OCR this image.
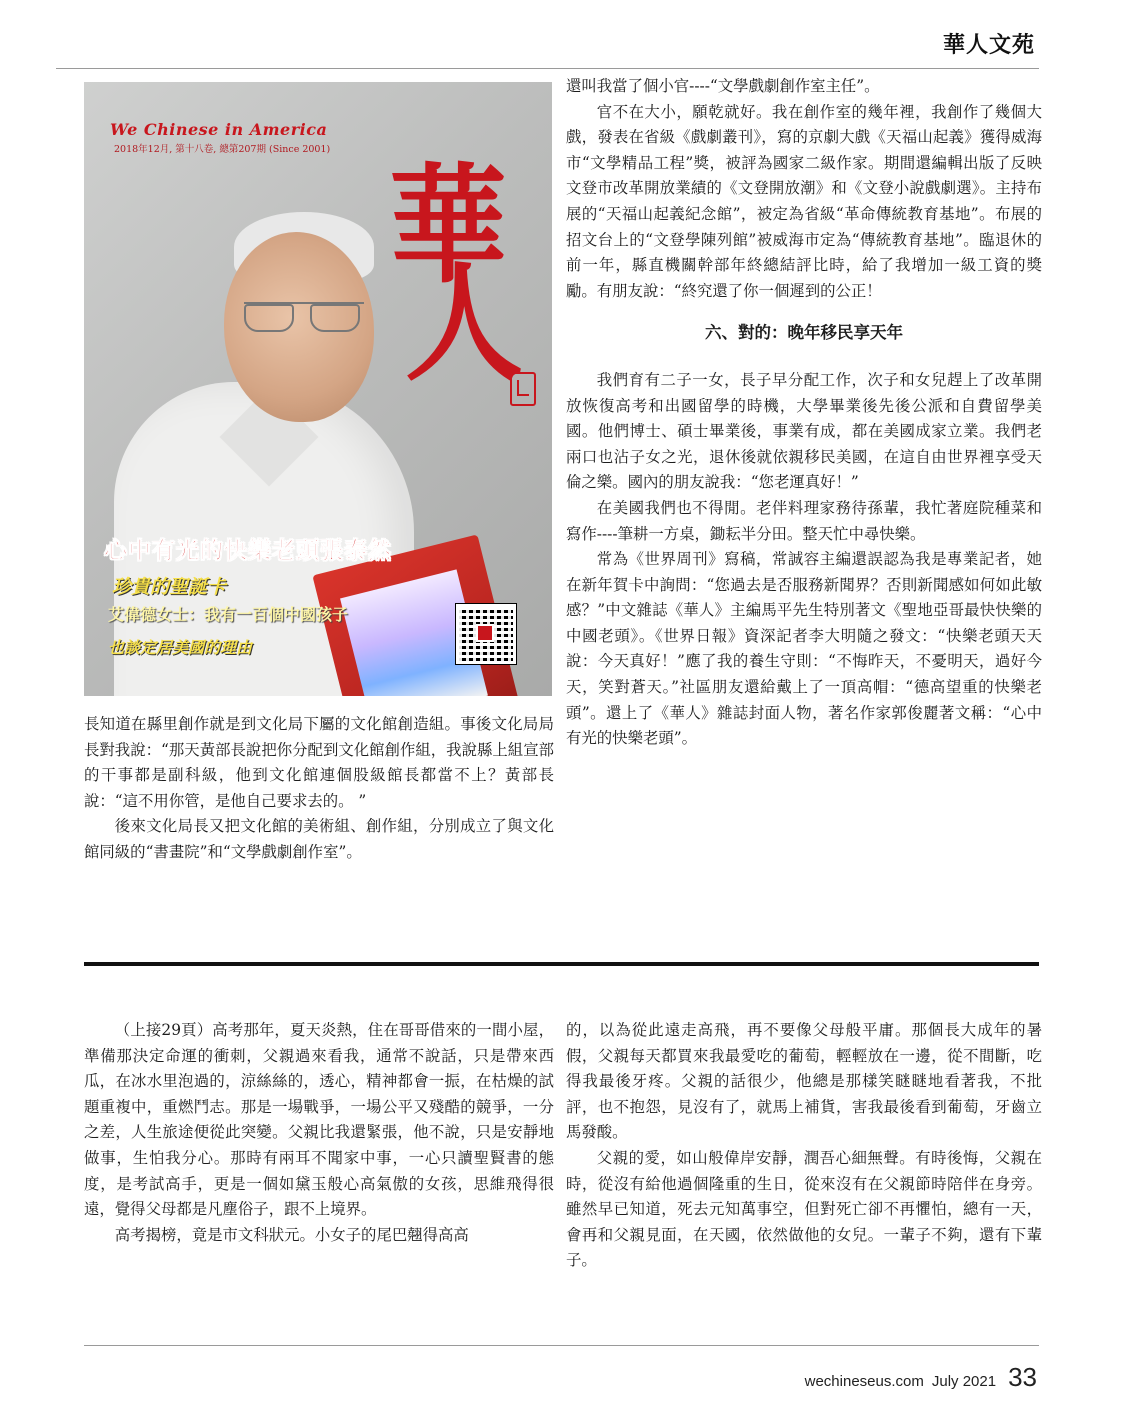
華人文苑
We Chinese in America
2018年12月, 第十八卷, 總第207期 (Since 2001)
華
人
心中有光的快樂老頭張泰然
珍貴的聖誕卡
艾偉德女士：我有一百個中國孩子
也談定居美國的理由

還叫我當了個小官----“文學戲劇創作室主任”。

官不在大小，願乾就好。我在創作室的幾年裡，我創作了幾個大戲，發表在省級《戲劇叢刊》，寫的京劇大戲《天福山起義》獲得威海市“文學精品工程”獎，被評為國家二級作家。期間還編輯出版了反映文登市改革開放業績的《文登開放潮》和《文登小說戲劇選》。主持布展的“天福山起義紀念館”，被定為省級“革命傳統教育基地”。布展的招文台上的“文登學陳列館”被威海市定為“傳統教育基地”。臨退休的前一年，縣直機關幹部年終總結評比時，給了我增加一級工資的獎勵。有朋友說：“終究還了你一個遲到的公正！

六、對的：晚年移民享天年

我們育有二子一女，長子早分配工作，次子和女兒趕上了改革開放恢復高考和出國留學的時機，大學畢業後先後公派和自費留學美國。他們博士、碩士畢業後，事業有成，都在美國成家立業。我們老兩口也沾子女之光，退休後就依親移民美國，在這自由世界裡享受天倫之樂。國內的朋友說我：“您老運真好！”

在美國我們也不得閒。老伴料理家務待孫輩，我忙著庭院種菜和寫作----筆耕一方桌，鋤耘半分田。整天忙中尋快樂。

常為《世界周刊》寫稿，常誠容主編還誤認為我是專業記者，她在新年賀卡中詢問：“您過去是否服務新聞界？否則新聞感如何如此敏感？”中文雜誌《華人》主編馬平先生特別著文《聖地亞哥最快快樂的中國老頭》。《世界日報》資深記者李大明隨之發文：“快樂老頭天天說：今天真好！”應了我的養生守則：“不悔昨天，不憂明天，過好今天，笑對蒼天。”社區朋友還給戴上了一頂高帽：“德高望重的快樂老頭”。還上了《華人》雜誌封面人物，著名作家郭俊麗著文稱：“心中有光的快樂老頭”。

長知道在縣里創作就是到文化局下屬的文化館創造組。事後文化局局長對我說：“那天黃部長說把你分配到文化館創作組，我說縣上組宣部的干事都是副科級，他到文化館連個股級館長都當不上？黃部長說：“這不用你管，是他自己要求去的。 ”

後來文化局長又把文化館的美術組、創作組，分別成立了與文化館同級的“書畫院”和“文學戲劇創作室”。

（上接29頁）高考那年，夏天炎熱，住在哥哥借來的一間小屋，準備那決定命運的衝刺，父親過來看我，通常不說話，只是帶來西瓜，在冰水里泡過的，涼絲絲的，透心，精神都會一振，在枯燥的試題重複中，重燃鬥志。那是一場戰爭，一場公平又殘酷的競爭，一分之差，人生旅途便從此突變。父親比我還緊張，他不說，只是安靜地做事，生怕我分心。那時有兩耳不聞家中事，一心只讀聖賢書的態度，是考試高手，更是一個如黛玉般心高氣傲的女孩，思維飛得很遠，覺得父母都是凡塵俗子，跟不上境界。

高考揭榜，竟是市文科狀元。小女子的尾巴翹得高高

的，以為從此遠走高飛，再不要像父母般平庸。那個長大成年的暑假，父親每天都買來我最愛吃的葡萄，輕輕放在一邊，從不間斷，吃得我最後牙疼。父親的話很少，他總是那樣笑瞇瞇地看著我，不批評，也不抱怨，見沒有了，就馬上補貨，害我最後看到葡萄，牙齒立馬發酸。

父親的愛，如山般偉岸安靜，潤吾心細無聲。有時後悔，父親在時，從沒有給他過個隆重的生日，從來沒有在父親節時陪伴在身旁。雖然早已知道，死去元知萬事空，但對死亡卻不再懼怕，總有一天，會再和父親見面，在天國，依然做他的女兒。一輩子不夠，還有下輩子。

wechineseus.com July 2021 33
